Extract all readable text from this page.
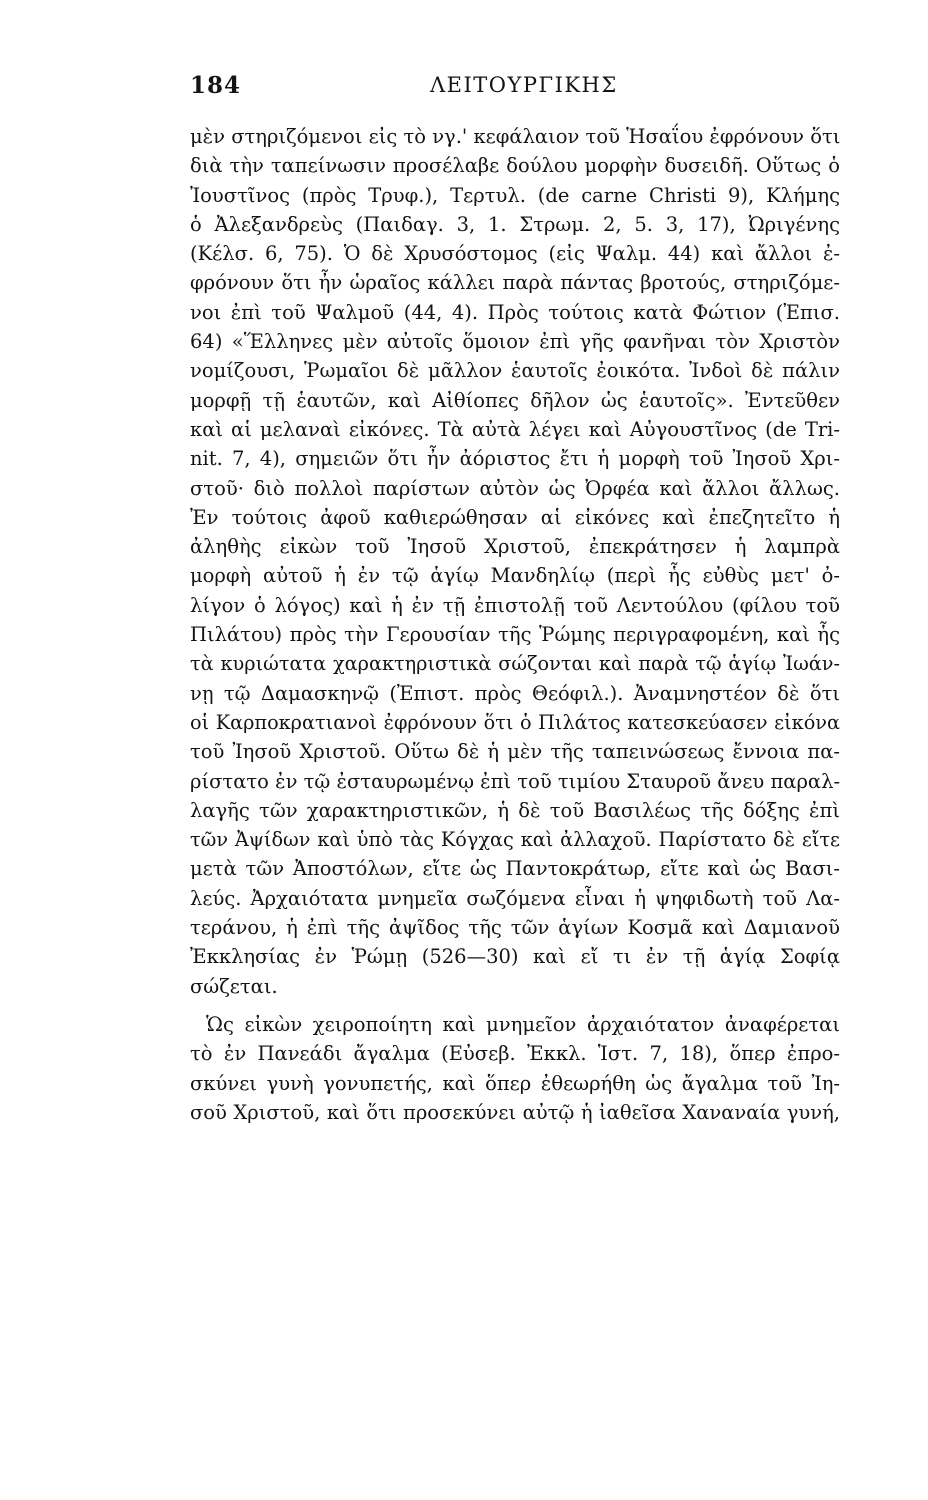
184	ΛΕΙΤΟΥΡΓΙΚΗΣ
μὲν στηριζόμενοι εἰς τὸ νγ.' κεφάλαιον τοῦ Ἡσαΐου ἐφρόνουν ὅτι
διὰ τὴν ταπείνωσιν προσέλαβε δούλου μορφὴν δυσειδῆ. Οὕτως ὁ
Ἰουστῖνος (πρὸς Τρυφ.), Τερτυλ. (de carne Christi 9), Κλήμης
ὁ Ἀλεξανδρεὺς (Παιδαγ. 3, 1. Στρωμ. 2, 5. 3, 17), Ὠριγένης
(Κέλσ. 6, 75). Ὁ δὲ Χρυσόστομος (εἰς Ψαλμ. 44) καὶ ἄλλοι ἐ-
φρόνουν ὅτι ἦν ὡραῖος κάλλει παρὰ πάντας βροτούς, στηριζόμε-
νοι ἐπὶ τοῦ Ψαλμοῦ (44, 4). Πρὸς τούτοις κατὰ Φώτιον (Ἐπισ.
64) «Ἕλληνες μὲν αὐτοῖς ὅμοιον ἐπὶ γῆς φανῆναι τὸν Χριστὸν
νομίζουσι, Ῥωμαῖοι δὲ μᾶλλον ἑαυτοῖς ἐοικότα. Ἰνδοὶ δὲ πάλιν
μορφῇ τῇ ἑαυτῶν, καὶ Αἰθίοπες δῆλον ὡς ἑαυτοῖς». Ἐντεῦθεν
καὶ αἱ μελαναὶ εἰκόνες. Τὰ αὐτὰ λέγει καὶ Αὐγουστῖνος (de Tri-
nit. 7, 4), σημειῶν ὅτι ἦν ἀόριστος ἔτι ἡ μορφὴ τοῦ Ἰησοῦ Χρι-
στοῦ· διὸ πολλοὶ παρίστων αὐτὸν ὡς Ὀρφέα καὶ ἄλλοι ἄλλως.
Ἐν τούτοις ἀφοῦ καθιερώθησαν αἱ εἰκόνες καὶ ἐπεζητεῖτο ἡ
ἀληθὴς εἰκὼν τοῦ Ἰησοῦ Χριστοῦ, ἐπεκράτησεν ἡ λαμπρὰ
μορφὴ αὐτοῦ ἡ ἐν τῷ ἁγίῳ Μανδηλίῳ (περὶ ἧς εὐθὺς μετ' ὀ-
λίγον ὁ λόγος) καὶ ἡ ἐν τῇ ἐπιστολῇ τοῦ Λεντούλου (φίλου τοῦ
Πιλάτου) πρὸς τὴν Γερουσίαν τῆς Ῥώμης περιγραφομένη, καὶ ἧς
τὰ κυριώτατα χαρακτηριστικὰ σώζονται καὶ παρὰ τῷ ἁγίῳ Ἰωάν-
νῃ τῷ Δαμασκηνῷ (Ἐπιστ. πρὸς Θεόφιλ.). Ἀναμνηστέον δὲ ὅτι
οἱ Καρποκρατιανοὶ ἐφρόνουν ὅτι ὁ Πιλάτος κατεσκεύασεν εἰκόνα
τοῦ Ἰησοῦ Χριστοῦ. Οὕτω δὲ ἡ μὲν τῆς ταπεινώσεως ἔννοια πα-
ρίστατο ἐν τῷ ἐσταυρωμένῳ ἐπὶ τοῦ τιμίου Σταυροῦ ἄνευ παραλ-
λαγῆς τῶν χαρακτηριστικῶν, ἡ δὲ τοῦ Βασιλέως τῆς δόξης ἐπὶ
τῶν Ἀψίδων καὶ ὑπὸ τὰς Κόγχας καὶ ἀλλαχοῦ. Παρίστατο δὲ εἴτε
μετὰ τῶν Ἀποστόλων, εἴτε ὡς Παντοκράτωρ, εἴτε καὶ ὡς Βασι-
λεύς. Ἀρχαιότατα μνημεῖα σωζόμενα εἶναι ἡ ψηφιδωτὴ τοῦ Λα-
τεράνου, ἡ ἐπὶ τῆς ἀψῖδος τῆς τῶν ἁγίων Κοσμᾶ καὶ Δαμιανοῦ
Ἐκκλησίας ἐν Ῥώμῃ (526—30) καὶ εἴ τι ἐν τῇ ἁγίᾳ Σοφίᾳ
σώζεται.
Ὡς εἰκὼν χειροποίητη καὶ μνημεῖον ἀρχαιότατον ἀναφέρεται
τὸ ἐν Πανεάδι ἄγαλμα (Εὐσεβ. Ἐκκλ. Ἱστ. 7, 18), ὅπερ ἐπρο-
σκύνει γυνὴ γονυπετής, καὶ ὅπερ ἐθεωρήθη ὡς ἄγαλμα τοῦ Ἰη-
σοῦ Χριστοῦ, καὶ ὅτι προσεκύνει αὐτῷ ἡ ἰαθεῖσα Χαναναία γυνή,
